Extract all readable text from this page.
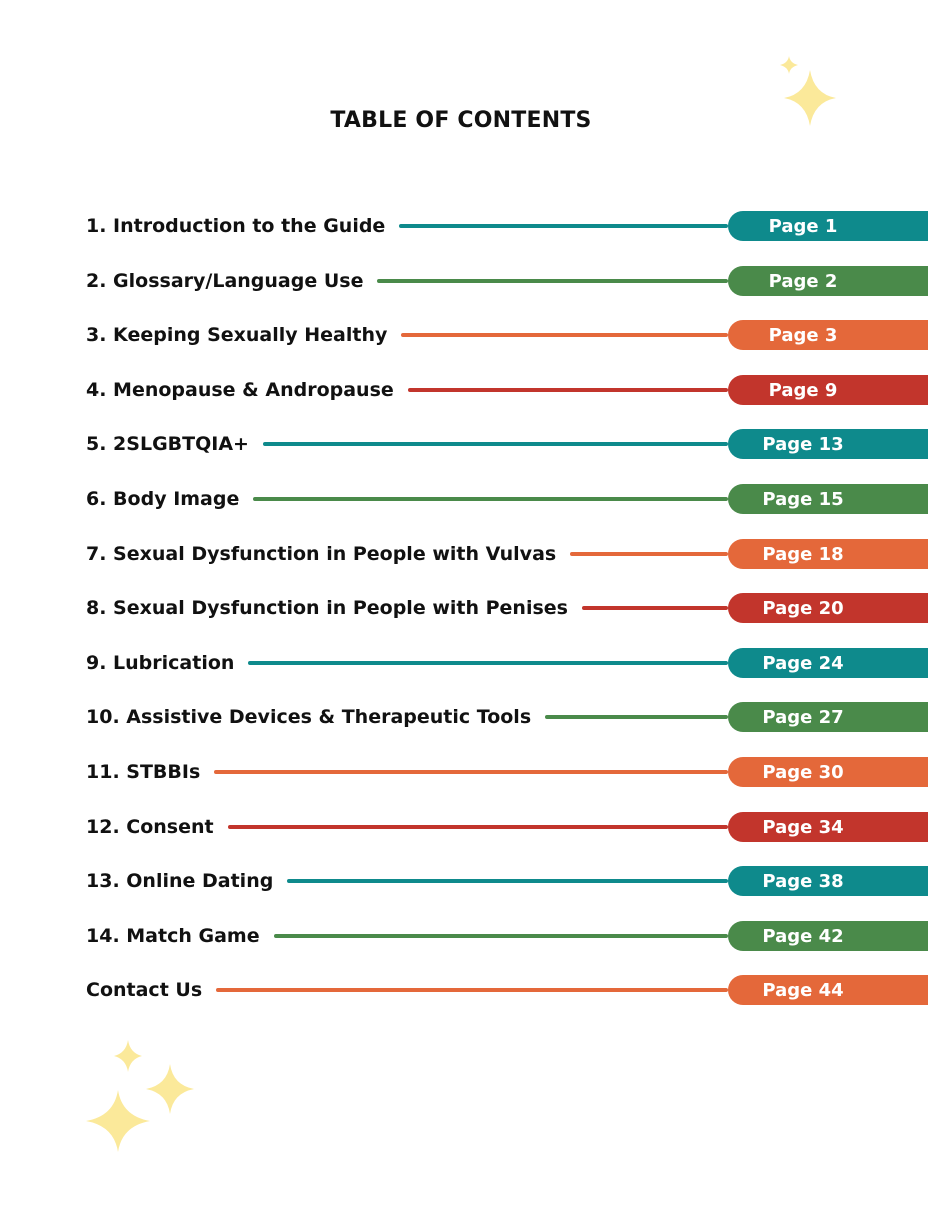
TABLE OF CONTENTS
1. Introduction to the Guide	Page 1
2. Glossary/Language Use	Page 2
3. Keeping Sexually Healthy	Page 3
4. Menopause & Andropause	Page 9
5. 2SLGBTQIA+	Page 13
6. Body Image	Page 15
7. Sexual Dysfunction in People with Vulvas	Page 18
8. Sexual Dysfunction in People with Penises	Page 20
9. Lubrication	Page 24
10. Assistive Devices & Therapeutic Tools	Page 27
11. STBBIs	Page 30
12. Consent	Page 34
13. Online Dating	Page 38
14. Match Game	Page 42
Contact Us	Page 44
